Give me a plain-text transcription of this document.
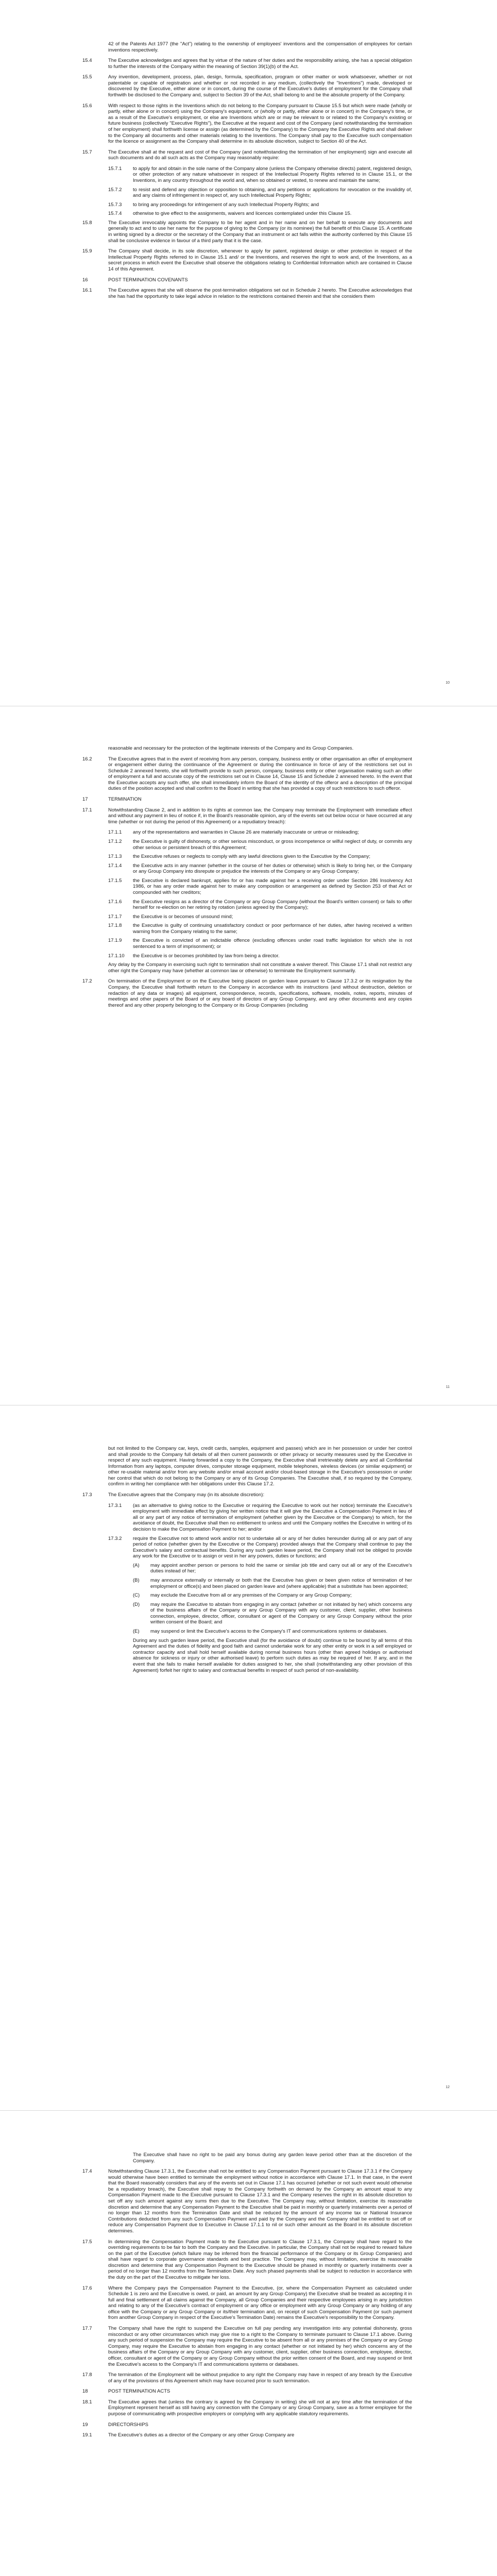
42 of the Patents Act 1977 (the "Act") relating to the ownership of employees' inventions and the compensation of employees for certain inventions respectively.
15.4	The Executive acknowledges and agrees that by virtue of the nature of her duties and the responsibility arising, she has a special obligation to further the interests of the Company within the meaning of Section 39(1)(b) of the Act.
15.5	Any invention, development, process, plan, design, formula, specification, program or other matter or work whatsoever, whether or not patentable or capable of registration and whether or not recorded in any medium, (collectively the "Inventions") made, developed or discovered by the Executive, either alone or in concert, during the course of the Executive's duties of employment for the Company shall forthwith be disclosed to the Company and, subject to Section 39 of the Act, shall belong to and be the absolute property of the Company.
15.6	With respect to those rights in the Inventions which do not belong to the Company pursuant to Clause 15.5 but which were made (wholly or partly, either alone or in concert) using the Company's equipment, or (wholly or partly, either alone or in concert) in the Company's time, or as a result of the Executive's employment, or else are Inventions which are or may be relevant to or related to the Company's existing or future business (collectively "Executive Rights"), the Executive at the request and cost of the Company (and notwithstanding the termination of her employment) shall forthwith license or assign (as determined by the Company) to the Company the Executive Rights and shall deliver to the Company all documents and other materials relating to the Inventions. The Company shall pay to the Executive such compensation for the licence or assignment as the Company shall determine in its absolute discretion, subject to Section 40 of the Act.
15.7	The Executive shall at the request and cost of the Company (and notwithstanding the termination of her employment) sign and execute all such documents and do all such acts as the Company may reasonably require:
15.7.1	to apply for and obtain in the sole name of the Company alone (unless the Company otherwise directs) patent, registered design, or other protection of any nature whatsoever in respect of the Intellectual Property Rights referred to in Clause 15.1, or the Inventions, in any country throughout the world and, when so obtained or vested, to renew and maintain the same;
15.7.2	to resist and defend any objection or opposition to obtaining, and any petitions or applications for revocation or the invalidity of, and any claims of infringement in respect of, any such Intellectual Property Rights;
15.7.3	to bring any proceedings for infringement of any such Intellectual Property Rights; and
15.7.4	otherwise to give effect to the assignments, waivers and licences contemplated under this Clause 15.
15.8	The Executive irrevocably appoints the Company to be her agent and in her name and on her behalf to execute any documents and generally to act and to use her name for the purpose of giving to the Company (or its nominee) the full benefit of this Clause 15. A certificate in writing signed by a director or the secretary of the Company that an instrument or act falls within the authority conferred by this Clause 15 shall be conclusive evidence in favour of a third party that it is the case.
15.9	The Company shall decide, in its sole discretion, whenever to apply for patent, registered design or other protection in respect of the Intellectual Property Rights referred to in Clause 15.1 and/ or the Inventions, and reserves the right to work and, of the Inventions, as a secret process in which event the Executive shall observe the obligations relating to Confidential Information which are contained in Clause 14 of this Agreement.
16	POST TERMINATION COVENANTS
16.1	The Executive agrees that she will observe the post-termination obligations set out in Schedule 2 hereto. The Executive acknowledges that she has had the opportunity to take legal advice in relation to the restrictions contained therein and that she considers them
10
reasonable and necessary for the protection of the legitimate interests of the Company and its Group Companies.
16.2	The Executive agrees that in the event of receiving from any person, company, business entity or other organisation an offer of employment or engagement either during the continuance of the Agreement or during the continuance in force of any of the restrictions set out in Schedule 2 annexed hereto, she will forthwith provide to such person, company, business entity or other organisation making such an offer of employment a full and accurate copy of the restrictions set out in Clause 14, Clause 15 and Schedule 2 annexed hereto. In the event that the Executive accepts any such offer, she shall immediately inform the Board of the identity of the offeror and a description of the principal duties of the position accepted and shall confirm to the Board in writing that she has provided a copy of such restrictions to such offeror.
17	TERMINATION
17.1	Notwithstanding Clause 2, and in addition to its rights at common law, the Company may terminate the Employment with immediate effect and without any payment in lieu of notice if, in the Board's reasonable opinion, any of the events set out below occur or have occurred at any time (whether or not during the period of this Agreement) or a repudiatory breach):
17.1.1	any of the representations and warranties in Clause 26 are materially inaccurate or untrue or misleading;
17.1.2	the Executive is guilty of dishonesty, or other serious misconduct, or gross incompetence or wilful neglect of duty, or commits any other serious or persistent breach of this Agreement;
17.1.3	the Executive refuses or neglects to comply with any lawful directions given to the Executive by the Company;
17.1.4	the Executive acts in any manner (whether in the course of her duties or otherwise) which is likely to bring her, or the Company or any Group Company into disrepute or prejudice the interests of the Company or any Group Company;
17.1.5	the Executive is declared bankrupt, applies for or has made against her a receiving order under Section 286 Insolvency Act 1986, or has any order made against her to make any composition or arrangement as defined by Section 253 of that Act or compounded with her creditors;
17.1.6	the Executive resigns as a director of the Company or any Group Company (without the Board's written consent) or fails to offer herself for re-election on her retiring by rotation (unless agreed by the Company);
17.1.7	the Executive is or becomes of unsound mind;
17.1.8	the Executive is guilty of continuing unsatisfactory conduct or poor performance of her duties, after having received a written warning from the Company relating to the same;
17.1.9	the Executive is convicted of an indictable offence (excluding offences under road traffic legislation for which she is not sentenced to a term of imprisonment); or
17.1.10	the Executive is or becomes prohibited by law from being a director.
Any delay by the Company in exercising such right to termination shall not constitute a waiver thereof. This Clause 17.1 shall not restrict any other right the Company may have (whether at common law or otherwise) to terminate the Employment summarily.
17.2	On termination of the Employment or on the Executive being placed on garden leave pursuant to Clause 17.3.2 or its resignation by the Company, the Executive shall forthwith return to the Company in accordance with its instructions (and without destruction, deletion or redaction of any data or images) all equipment, correspondence, records, specifications, software, models, notes, reports, minutes of meetings and other papers of the Board of or any board of directors of any Group Company, and any other documents and any copies thereof and any other property belonging to the Company or its Group Companies (including
11
but not limited to the Company car, keys, credit cards, samples, equipment and passes) which are in her possession or under her control and shall provide to the Company full details of all then current passwords or other privacy or security measures used by the Executive in respect of any such equipment. Having forwarded a copy to the Company, the Executive shall irretrievably delete any and all Confidential Information from any laptops, computer drives, computer storage equipment, mobile telephones, wireless devices (or similar equipment) or other re-usable material and/or from any website and/or email account and/or cloud-based storage in the Executive's possession or under her control that which do not belong to the Company or any of its Group Companies. The Executive shall, if so required by the Company, confirm in writing her compliance with her obligations under this Clause 17.2.
17.3	The Executive agrees that the Company may (in its absolute discretion):
17.3.1	(as an alternative to giving notice to the Executive or requiring the Executive to work out her notice) terminate the Executive's employment with immediate effect by giving her written notice that it will give the Executive a Compensation Payment in lieu of all or any part of any notice of termination of employment (whether given by the Executive or the Company) to which, for the avoidance of doubt, the Executive shall then no entitlement to unless and until the Company notifies the Executive in writing of its decision to make the Compensation Payment to her; and/or
17.3.2	require the Executive not to attend work and/or not to undertake all or any of her duties hereunder during all or any part of any period of notice (whether given by the Executive or the Company) provided always that the Company shall continue to pay the Executive's salary and contractual benefits. During any such garden leave period, the Company shall not be obliged to provide any work for the Executive or to assign or vest in her any powers, duties or functions; and
(A)	may appoint another person or persons to hold the same or similar job title and carry out all or any of the Executive's duties instead of her;
(B)	may announce externally or internally or both that the Executive has given or been given notice of termination of her employment or office(s) and been placed on garden leave and (where applicable) that a substitute has been appointed;
(C)	may exclude the Executive from all or any premises of the Company or any Group Company;
(D)	may require the Executive to abstain from engaging in any contact (whether or not initiated by her) which concerns any of the business affairs of the Company or any Group Company with any customer, client, supplier, other business connection, employee, director, officer, consultant or agent of the Company or any Group Company without the prior written consent of the Board; and
(E)	may suspend or limit the Executive's access to the Company's IT and communications systems or databases.
During any such garden leave period, the Executive shall (for the avoidance of doubt) continue to be bound by all terms of this Agreement and the duties of fidelity and good faith and cannot undertake work for any other entity or work in a self employed or contractor capacity and shall hold herself available during normal business hours (other than agreed holidays or authorised absence for sickness or injury or other authorised leave) to perform such duties as may be required of her. If any, and in the event that she fails to make herself available for duties assigned to her, she shall (notwithstanding any other provision of this Agreement) forfeit her right to salary and contractual benefits in respect of such period of non-availability.
12
The Executive shall have no right to be paid any bonus during any garden leave period other than at the discretion of the Company.
17.4	Notwithstanding Clause 17.3.1, the Executive shall not be entitled to any Compensation Payment pursuant to Clause 17.3.1 if the Company would otherwise have been entitled to terminate the employment without notice in accordance with Clause 17.1. In that case, in the event that the Board reasonably considers that any of the events set out in Clause 17.1 has occurred (whether or not such event would otherwise be a repudiatory breach), the Executive shall repay to the Company forthwith on demand by the Company an amount equal to any Compensation Payment made to the Executive pursuant to Clause 17.3.1 and the Company reserves the right in its absolute discretion to set off any such amount against any sums then due to the Executive. The Company may, without limitation, exercise its reasonable discretion and determine that any Compensation Payment to the Executive shall be paid in monthly or quarterly instalments over a period of no longer than 12 months from the Termination Date and shall be reduced by the amount of any income tax or National Insurance Contributions deducted from any such Compensation Payment and paid by the Company and the Company shall be entitled to set off or reduce any Compensation Payment due to Executive in Clause 17.1.1 to nil or such other amount as the Board in its absolute discretion determines.
17.5	In determining the Compensation Payment made to the Executive pursuant to Clause 17.3.1, the Company shall have regard to the overriding requirements to be fair to both the Company and the Executive. In particular, the Company shall not be required to reward failure on the part of the Executive (which failure may be inferred from the financial performance of the Company or its Group Companies) and shall have regard to corporate governance standards and best practice. The Company may, without limitation, exercise its reasonable discretion and determine that any Compensation Payment to the Executive should be phased in monthly or quarterly instalments over a period of no longer than 12 months from the Termination Date. Any such phased payments shall be subject to reduction in accordance with the duty on the part of the Executive to mitigate her loss.
17.6	Where the Company pays the Compensation Payment to the Executive, (or, where the Compensation Payment as calculated under Schedule 1 is zero and the Executive is owed, or paid, an amount by any Group Company) the Executive shall be treated as accepting it in full and final settlement of all claims against the Company, all Group Companies and their respective employees arising in any jurisdiction and relating to any of the Executive's contract of employment or any office or employment with any Group Company or any holding of any office with the Company or any Group Company or its/their termination and, on receipt of such Compensation Payment (or such payment from another Group Company in respect of the Executive's Termination Date) remains the Executive's responsibility to the Company.
17.7	The Company shall have the right to suspend the Executive on full pay pending any investigation into any potential dishonesty, gross misconduct or any other circumstances which may give rise to a right to the Company to terminate pursuant to Clause 17.1 above. During any such period of suspension the Company may require the Executive to be absent from all or any premises of the Company or any Group Company, may require the Executive to abstain from engaging in any contact (whether or not initiated by her) which concerns any of the business affairs of the Company or any Group Company with any customer, client, supplier, other business connection, employee, director, officer, consultant or agent of the Company or any Group Company without the prior written consent of the Board, and may suspend or limit the Executive's access to the Company's IT and communications systems or databases.
17.8	The termination of the Employment will be without prejudice to any right the Company may have in respect of any breach by the Executive of any of the provisions of this Agreement which may have occurred prior to such termination.
18	POST TERMINATION ACTS
18.1	The Executive agrees that (unless the contrary is agreed by the Company in writing) she will not at any time after the termination of the Employment represent herself as still having any connection with the Company or any Group Company, save as a former employee for the purpose of communicating with prospective employers or complying with any applicable statutory requirements.
19	DIRECTORSHIPS
19.1	The Executive's duties as a director of the Company or any other Group Company are
